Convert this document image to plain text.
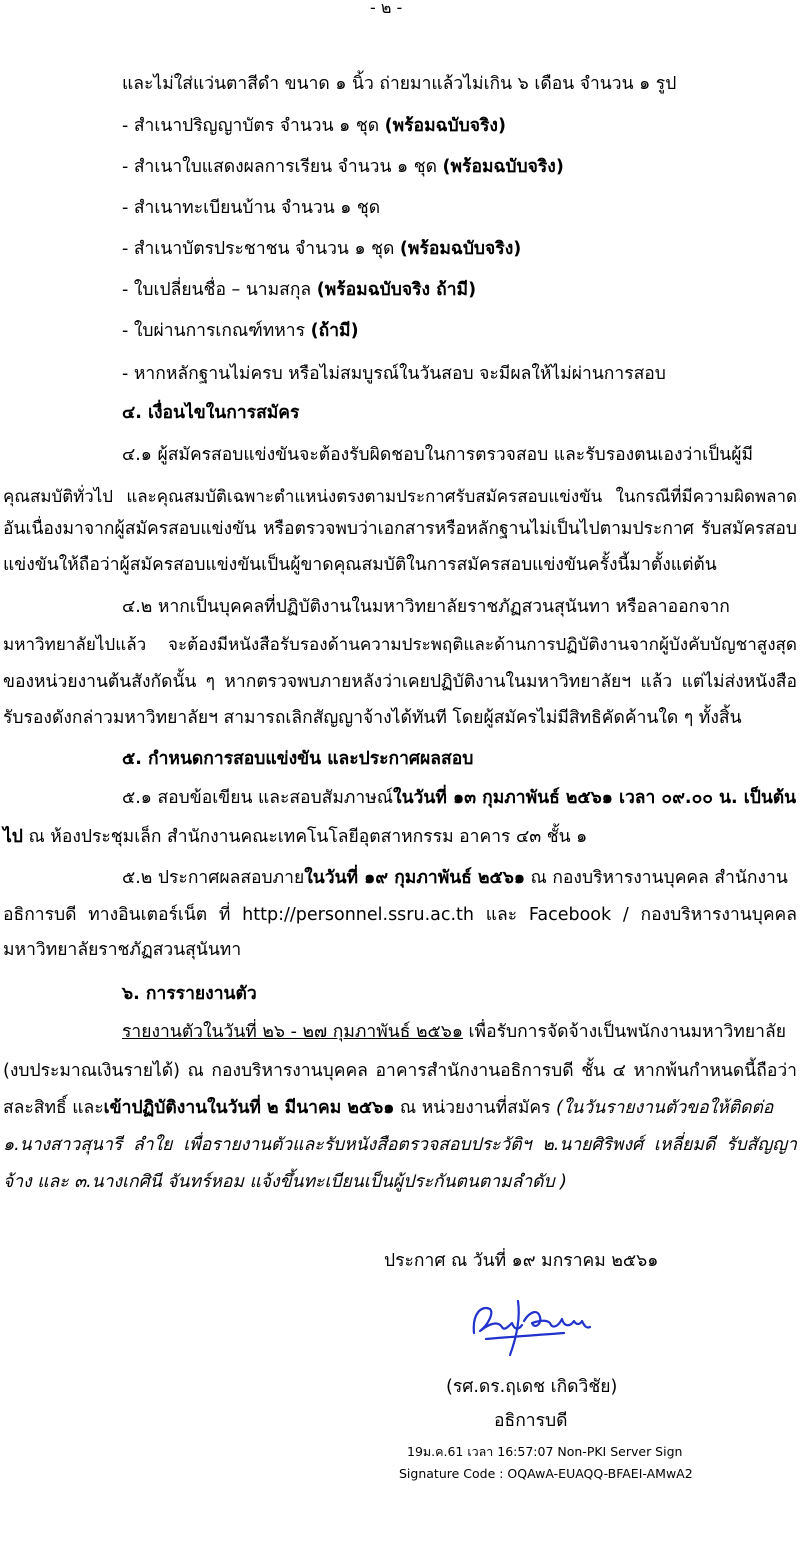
- ๒ -
และไม่ใส่แว่นตาสีดำ ขนาด ๑ นิ้ว ถ่ายมาแล้วไม่เกิน ๖ เดือน จำนวน ๑ รูป
- สำเนาปริญญาบัตร จำนวน ๑ ชุด (พร้อมฉบับจริง)
- สำเนาใบแสดงผลการเรียน จำนวน ๑ ชุด (พร้อมฉบับจริง)
- สำเนาทะเบียนบ้าน จำนวน ๑ ชุด
- สำเนาบัตรประชาชน จำนวน ๑ ชุด (พร้อมฉบับจริง)
- ใบเปลี่ยนชื่อ – นามสกุล (พร้อมฉบับจริง ถ้ามี)
- ใบผ่านการเกณฑ์ทหาร (ถ้ามี)
- หากหลักฐานไม่ครบ หรือไม่สมบูรณ์ในวันสอบ จะมีผลให้ไม่ผ่านการสอบ
๔. เงื่อนไขในการสมัคร
๔.๑ ผู้สมัครสอบแข่งขันจะต้องรับผิดชอบในการตรวจสอบ และรับรองตนเองว่าเป็นผู้มี
คุณสมบัติทั่วไป และคุณสมบัติเฉพาะตำแหน่งตรงตามประกาศรับสมัครสอบแข่งขัน ในกรณีที่มีความผิดพลาด
อันเนื่องมาจากผู้สมัครสอบแข่งขัน หรือตรวจพบว่าเอกสารหรือหลักฐานไม่เป็นไปตามประกาศ รับสมัครสอบ
แข่งขันให้ถือว่าผู้สมัครสอบแข่งขันเป็นผู้ขาดคุณสมบัติในการสมัครสอบแข่งขันครั้งนี้มาตั้งแต่ต้น
๔.๒ หากเป็นบุคคลที่ปฏิบัติงานในมหาวิทยาลัยราชภัฏสวนสุนันทา หรือลาออกจาก
มหาวิทยาลัยไปแล้ว จะต้องมีหนังสือรับรองด้านความประพฤติและด้านการปฏิบัติงานจากผู้บังคับบัญชาสูงสุด
ของหน่วยงานต้นสังกัดนั้น ๆ หากตรวจพบภายหลังว่าเคยปฏิบัติงานในมหาวิทยาลัยฯ แล้ว แต่ไม่ส่งหนังสือ
รับรองดังกล่าวมหาวิทยาลัยฯ สามารถเลิกสัญญาจ้างได้ทันที โดยผู้สมัครไม่มีสิทธิคัดค้านใด ๆ ทั้งสิ้น
๕. กำหนดการสอบแข่งขัน และประกาศผลสอบ
๕.๑ สอบข้อเขียน และสอบสัมภาษณ์ในวันที่ ๑๓ กุมภาพันธ์ ๒๕๖๑ เวลา ๐๙.๐๐ น. เป็นต้น
ไป ณ ห้องประชุมเล็ก สำนักงานคณะเทคโนโลยีอุตสาหกรรม อาคาร ๔๓ ชั้น ๑
๕.๒ ประกาศผลสอบภายในวันที่ ๑๙ กุมภาพันธ์ ๒๕๖๑ ณ กองบริหารงานบุคคล สำนักงาน
อธิการบดี ทางอินเตอร์เน็ต ที่ http://personnel.ssru.ac.th และ Facebook / กองบริหารงานบุคคล
มหาวิทยาลัยราชภัฏสวนสุนันทา
๖. การรายงานตัว
รายงานตัวในวันที่ ๒๖ - ๒๗ กุมภาพันธ์ ๒๕๖๑ เพื่อรับการจัดจ้างเป็นพนักงานมหาวิทยาลัย
(งบประมาณเงินรายได้) ณ กองบริหารงานบุคคล อาคารสำนักงานอธิการบดี ชั้น ๔ หากพ้นกำหนดนี้ถือว่า
สละสิทธิ์ และเข้าปฏิบัติงานในวันที่ ๒ มีนาคม ๒๕๖๑ ณ หน่วยงานที่สมัคร (ในวันรายงานตัวขอให้ติดต่อ
๑.นางสาวสุนารี ลำใย เพื่อรายงานตัวและรับหนังสือตรวจสอบประวัติฯ ๒.นายศิริพงศ์ เหลี่ยมดี รับสัญญา
จ้าง และ ๓.นางเกศินี จันทร์หอม แจ้งขึ้นทะเบียนเป็นผู้ประกันตนตามลำดับ )
ประกาศ ณ วันที่ ๑๙ มกราคม ๒๕๖๑
(รศ.ดร.ฤเดช เกิดวิชัย)
อธิการบดี
19ม.ค.61 เวลา 16:57:07 Non-PKI Server Sign
Signature Code : OQAwA-EUAQQ-BFAEI-AMwA2
